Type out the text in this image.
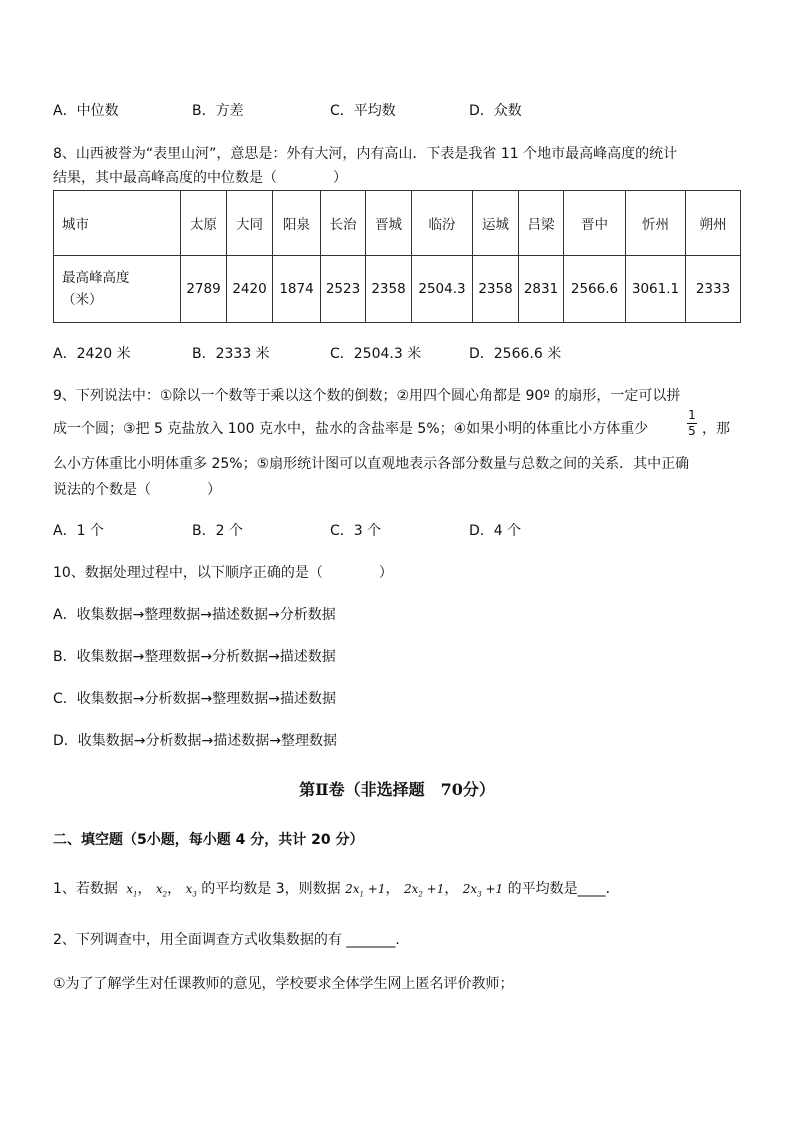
A．中位数	B．方差	C．平均数	D．众数
8、山西被誉为“表里山河”，意思是：外有大河，内有高山．下表是我省 11 个地市最高峰高度的统计
结果，其中最高峰高度的中位数是（　　　　）
城市	太原	大同	阳泉	长治	晋城	临汾	运城	吕梁	晋中	忻州	朔州

最高峰高度
（米）	2789	2420	1874	2523	2358	2504.3	2358	2831	2566.6	3061.1	2333
A．2420 米	B．2333 米	C．2504.3 米	D．2566.6 米
9、下列说法中：①除以一个数等于乘以这个数的倒数；②用四个圆心角都是 90º 的扇形，一定可以拼
成一个圆；③把 5 克盐放入 100 克水中，盐水的含盐率是 5%；④如果小明的体重比小方体重少
1
5 ，那
么小方体重比小明体重多 25%；⑤扇形统计图可以直观地表示各部分数量与总数之间的关系．其中正确
说法的个数是（　　　　）
A．1 个	B．2 个	C．3 个	D．4 个
10、数据处理过程中，以下顺序正确的是（　　　　）
A．收集数据→整理数据→描述数据→分析数据
B．收集数据→整理数据→分析数据→描述数据
C．收集数据→分析数据→整理数据→描述数据
D．收集数据→分析数据→描述数据→整理数据
第Ⅱ卷（非选择题　70分）
二、填空题（5小题，每小题 4 分，共计 20 分）
1、若数据  $x_1$， $x_2$， $x_3$ 的平均数是 3，则数据 $2x_1 +1$， $2x_2 +1$， $2x_3 +1$ 的平均数是____．
2、下列调查中，用全面调查方式收集数据的有 _______．
①为了了解学生对任课教师的意见，学校要求全体学生网上匿名评价教师；
